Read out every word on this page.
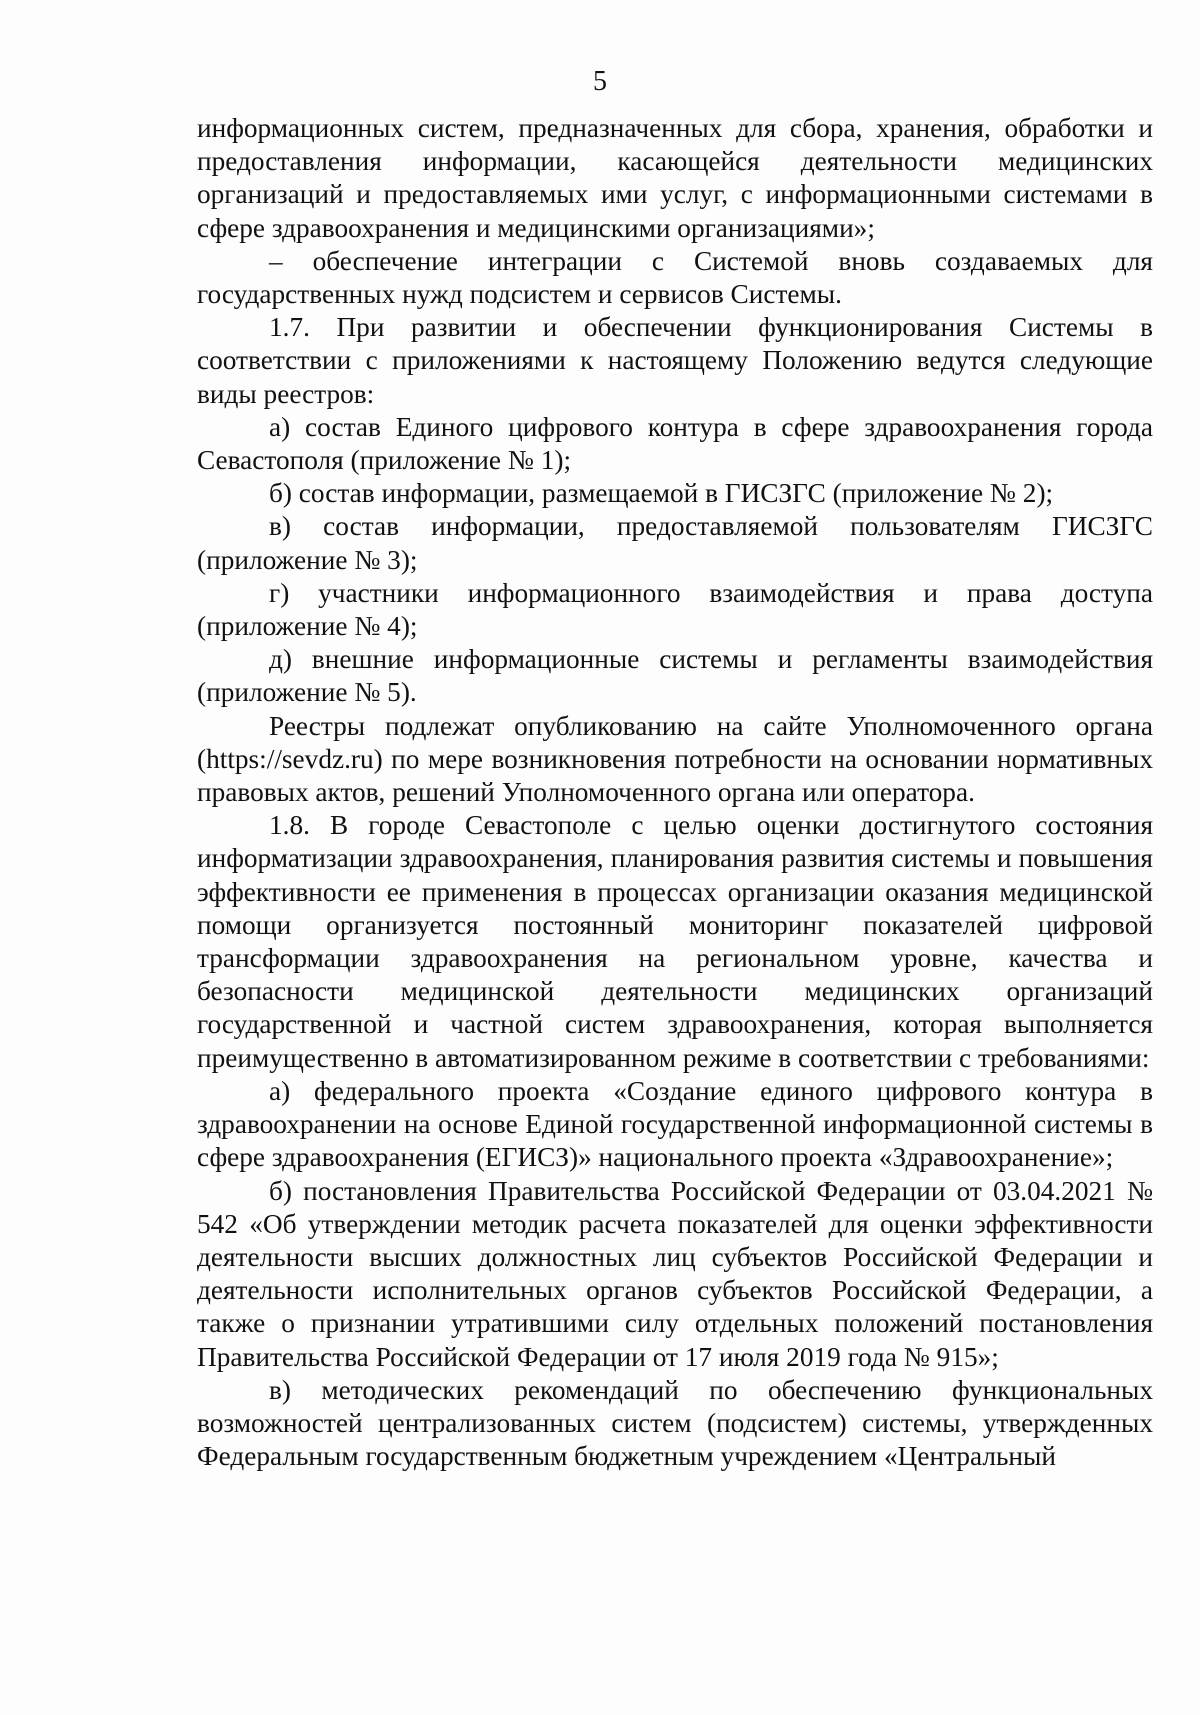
5

информационных систем, предназначенных для сбора, хранения, обработки и предоставления информации, касающейся деятельности медицинских организаций и предоставляемых ими услуг, с информационными системами в сфере здравоохранения и медицинскими организациями»;

– обеспечение интеграции с Системой вновь создаваемых для государственных нужд подсистем и сервисов Системы.

1.7. При развитии и обеспечении функционирования Системы в соответствии с приложениями к настоящему Положению ведутся следующие виды реестров:

а) состав Единого цифрового контура в сфере здравоохранения города Севастополя (приложение № 1);

б) состав информации, размещаемой в ГИСЗГС (приложение № 2);

в) состав информации, предоставляемой пользователям ГИСЗГС (приложение № 3);

г) участники информационного взаимодействия и права доступа (приложение № 4);

д) внешние информационные системы и регламенты взаимодействия (приложение № 5).

Реестры подлежат опубликованию на сайте Уполномоченного органа (https://sevdz.ru) по мере возникновения потребности на основании нормативных правовых актов, решений Уполномоченного органа или оператора.

1.8. В городе Севастополе с целью оценки достигнутого состояния информатизации здравоохранения, планирования развития системы и повышения эффективности ее применения в процессах организации оказания медицинской помощи организуется постоянный мониторинг показателей цифровой трансформации здравоохранения на региональном уровне, качества и безопасности медицинской деятельности медицинских организаций государственной и частной систем здравоохранения, которая выполняется преимущественно в автоматизированном режиме в соответствии с требованиями:

а) федерального проекта «Создание единого цифрового контура в здравоохранении на основе Единой государственной информационной системы в сфере здравоохранения (ЕГИСЗ)» национального проекта «Здравоохранение»;

б) постановления Правительства Российской Федерации от 03.04.2021 № 542 «Об утверждении методик расчета показателей для оценки эффективности деятельности высших должностных лиц субъектов Российской Федерации и деятельности исполнительных органов субъектов Российской Федерации, а также о признании утратившими силу отдельных положений постановления Правительства Российской Федерации от 17 июля 2019 года № 915»;

в) методических рекомендаций по обеспечению функциональных возможностей централизованных систем (подсистем) системы, утвержденных Федеральным государственным бюджетным учреждением «Центральный
